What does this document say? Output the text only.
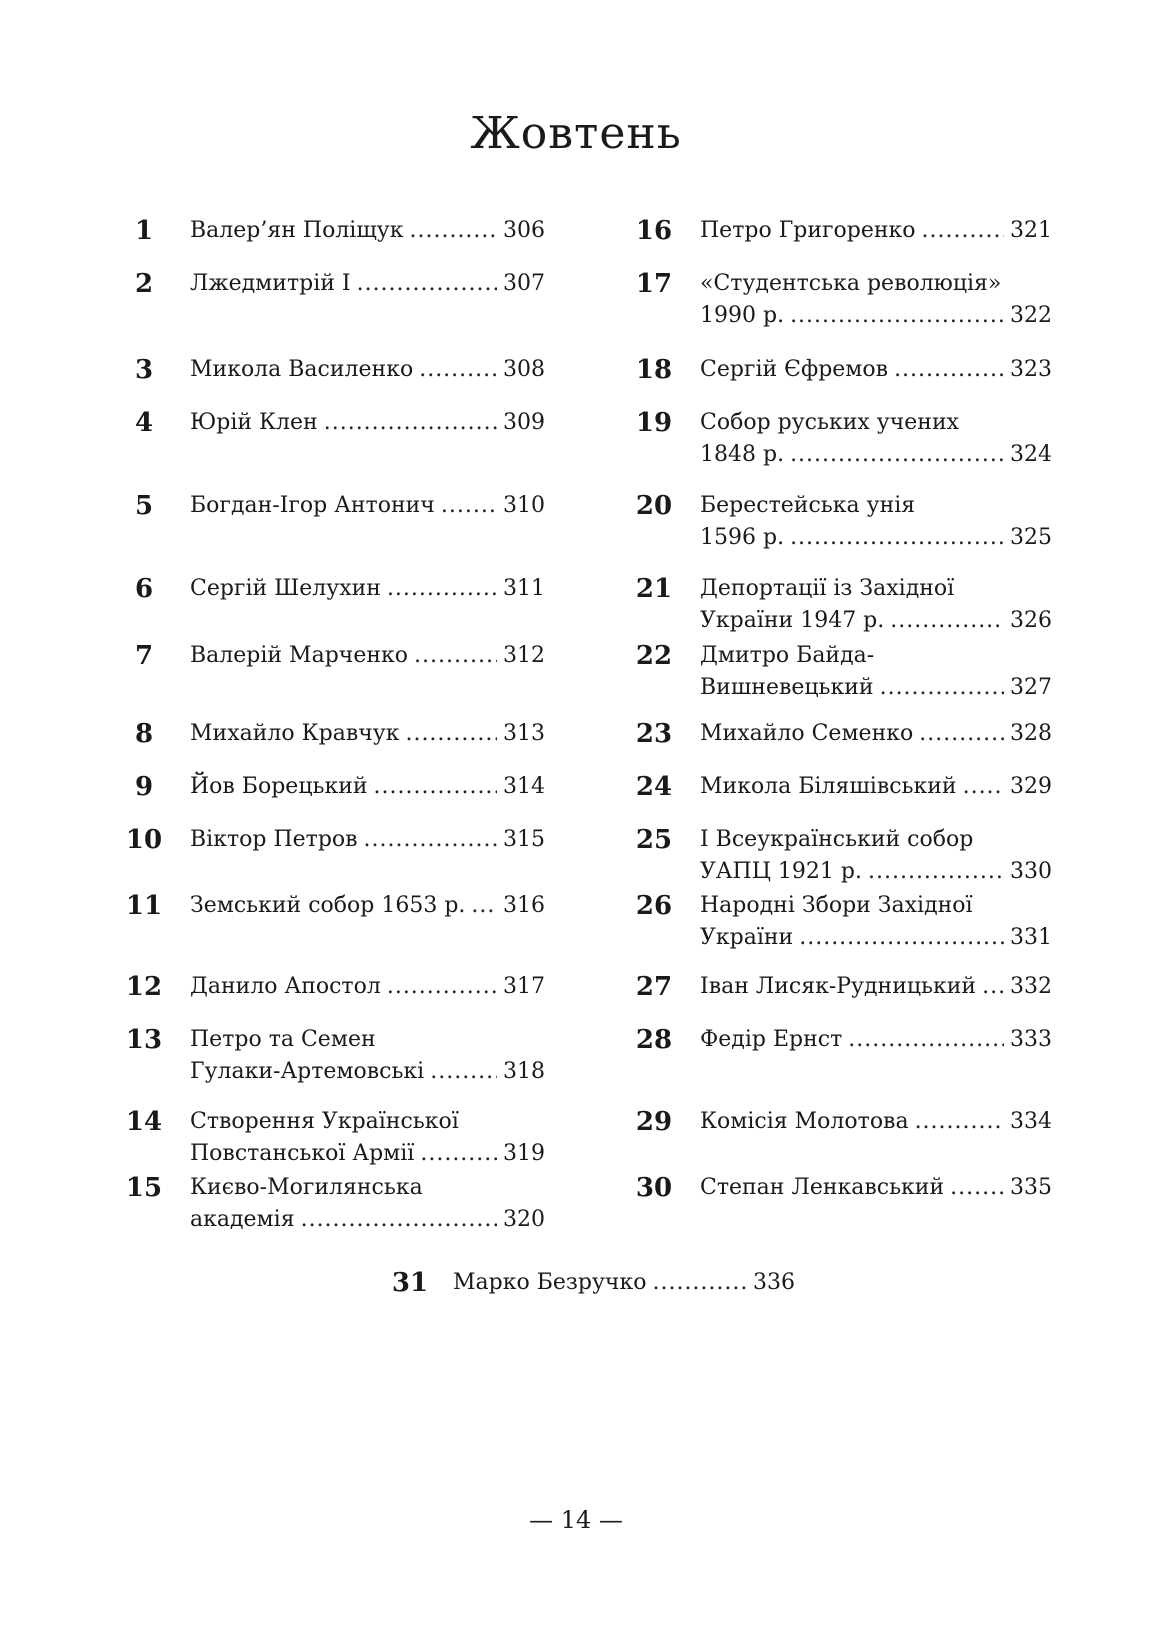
Жовтень
1	Валер’ян Поліщук .....	306
2	Лжедмитрій І .....	307
3	Микола Василенко .....	308
4	Юрій Клен .....	309
5	Богдан-Ігор Антонич .....	310
6	Сергій Шелухин .....	311
7	Валерій Марченко .....	312
8	Михайло Кравчук .....	313
9	Йов Борецький .....	314
10	Віктор Петров .....	315
11	Земський собор 1653 р. ..... 316
12	Данило Апостол .....	317
13	Петро та Семен
Гулаки-Артемовські .....	318
14	Створення Української
Повстанської Армії .....	319
15	Києво-Могилянська
академія .....	320
16	Петро Григоренко .....	321
17	«Студентська революція»
1990 р. .....	322
18	Сергій Єфремов .....	323
19	Собор руських учених
1848 р. .....	324
20	Берестейська унія
1596 р. .....	325
21	Депортації із Західної
України 1947 р. .....	326
22	Дмитро Байда-
Вишневецький .....	327
23	Михайло Семенко .....	328
24	Микола Біляшівський ..... 329
25	І Всеукраїнський собор
УАПЦ 1921 р. .....	330
26	Народні Збори Західної
України .....	331
27	Іван Лисяк-Рудницький ..... 332
28	Федір Ернст .....	333
29	Комісія Молотова .....	334
30	Степан Ленкавський .....	335
31	Марко Безручко .....	336
— 14 —
